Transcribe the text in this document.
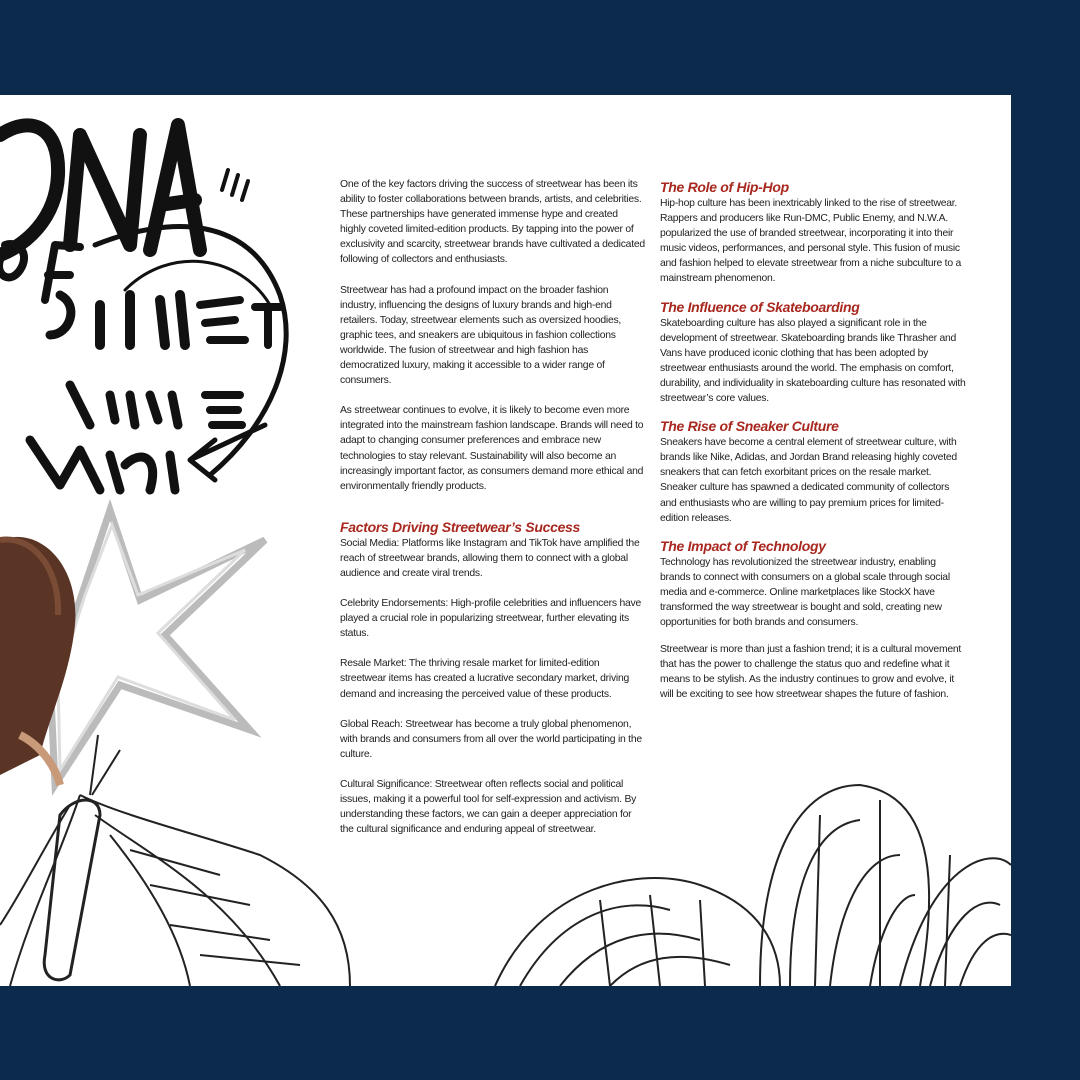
One of the key factors driving the success of streetwear has been its ability to foster collaborations between brands, artists, and celebrities. These partnerships have generated immense hype and created highly coveted limited-edition products. By tapping into the power of exclusivity and scarcity, streetwear brands have cultivated a dedicated following of collectors and enthusiasts.

Streetwear has had a profound impact on the broader fashion industry, influencing the designs of luxury brands and high-end retailers. Today, streetwear elements such as oversized hoodies, graphic tees, and sneakers are ubiquitous in fashion collections worldwide. The fusion of streetwear and high fashion has democratized luxury, making it accessible to a wider range of consumers.

As streetwear continues to evolve, it is likely to become even more integrated into the mainstream fashion landscape. Brands will need to adapt to changing consumer preferences and embrace new technologies to stay relevant. Sustainability will also become an increasingly important factor, as consumers demand more ethical and environmentally friendly products.

Factors Driving Streetwear’s Success

Social Media: Platforms like Instagram and TikTok have amplified the reach of streetwear brands, allowing them to connect with a global audience and create viral trends.

Celebrity Endorsements: High-profile celebrities and influencers have played a crucial role in popularizing streetwear, further elevating its status.

Resale Market: The thriving resale market for limited-edition streetwear items has created a lucrative secondary market, driving demand and increasing the perceived value of these products.

Global Reach: Streetwear has become a truly global phenomenon, with brands and consumers from all over the world participating in the culture.

Cultural Significance: Streetwear often reflects social and political issues, making it a powerful tool for self-expression and activism. By understanding these factors, we can gain a deeper appreciation for the cultural significance and enduring appeal of streetwear.

The Role of Hip-Hop

Hip-hop culture has been inextricably linked to the rise of streetwear. Rappers and producers like Run-DMC, Public Enemy, and N.W.A. popularized the use of branded streetwear, incorporating it into their music videos, performances, and personal style. This fusion of music and fashion helped to elevate streetwear from a niche subculture to a mainstream phenomenon.

The Influence of Skateboarding

Skateboarding culture has also played a significant role in the development of streetwear. Skateboarding brands like Thrasher and Vans have produced iconic clothing that has been adopted by streetwear enthusiasts around the world. The emphasis on comfort, durability, and individuality in skateboarding culture has resonated with streetwear’s core values.

The Rise of Sneaker Culture

Sneakers have become a central element of streetwear culture, with brands like Nike, Adidas, and Jordan Brand releasing highly coveted sneakers that can fetch exorbitant prices on the resale market. Sneaker culture has spawned a dedicated community of collectors and enthusiasts who are willing to pay premium prices for limited-edition releases.

The Impact of Technology

Technology has revolutionized the streetwear industry, enabling brands to connect with consumers on a global scale through social media and e-commerce. Online marketplaces like StockX have transformed the way streetwear is bought and sold, creating new opportunities for both brands and consumers.

Streetwear is more than just a fashion trend; it is a cultural movement that has the power to challenge the status quo and redefine what it means to be stylish. As the industry continues to grow and evolve, it will be exciting to see how streetwear shapes the future of fashion.
